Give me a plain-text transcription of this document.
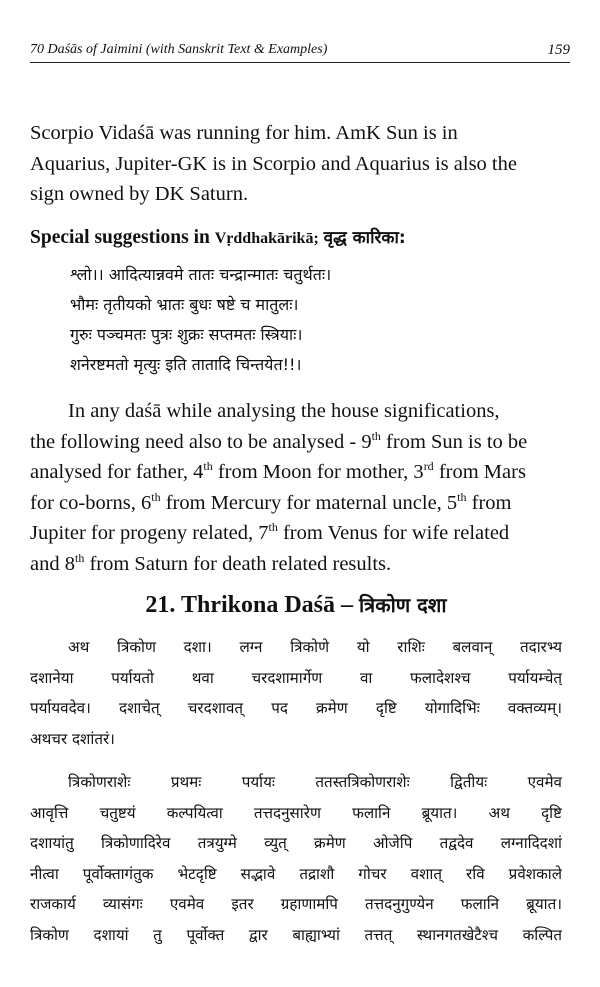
70 Daśās of Jaimini (with Sanskrit Text & Examples)	159
Scorpio Vidaśā was running for him. AmK Sun is in
Aquarius, Jupiter-GK is in Scorpio and Aquarius is also the
sign owned by DK Saturn.
Special suggestions in Vṛddhakārikā; वृद्ध कारिका:
श्लो।। आदित्यान्नवमे तातः चन्द्रान्मातः चतुर्थतः।
भौमः तृतीयको भ्रातः बुधः षष्टे च मातुलः।
गुरुः पञ्चमतः पुत्रः शुक्रः सप्तमतः स्त्रियाः।
शनेरष्टमतो मृत्युः इति तातादि चिन्तयेत!!।
In any daśā while analysing the house significations,
the following need also to be analysed - 9th from Sun is to be
analysed for father, 4th from Moon for mother, 3rd from Mars
for co-borns, 6th from Mercury for maternal uncle, 5th from
Jupiter for progeny related, 7th from Venus for wife related
and 8th from Saturn for death related results.
21. Thrikona Daśā – त्रिकोण दशा
अथ त्रिकोण दशा। लग्न त्रिकोणे यो राशिः बलवान् तदारभ्य
दशानेया पर्यायतो थवा चरदशामार्गेण वा फलादेशश्च पर्यायम्चेत्
पर्यायवदेव। दशाचेत् चरदशावत् पद क्रमेण दृष्टि योगादिभिः वक्तव्यम्।
अथचर दशांतरं।
त्रिकोणराशेः प्रथमः पर्यायः ततस्तत्रिकोणराशेः द्वितीयः एवमेव
आवृत्ति चतुष्टयं कल्पयित्वा तत्तदनुसारेण फलानि ब्रूयात। अथ दृष्टि
दशायांतु त्रिकोणादिरेव तत्रयुग्मे व्युत् क्रमेण ओजेपि तद्वदेव लग्नादिदशां
नीत्वा पूर्वोक्तागंतुक भेटदृष्टि सद्भावे तद्राशौ गोचर वशात् रवि प्रवेशकाले
राजकार्य व्यासंगः एवमेव इतर ग्रहाणामपि तत्तदनुगुण्येन फलानि ब्रूयात।
त्रिकोण दशायां तु पूर्वोक्त द्वार बाह्याभ्यां तत्तत् स्थानगतखेटैश्च कल्पित
